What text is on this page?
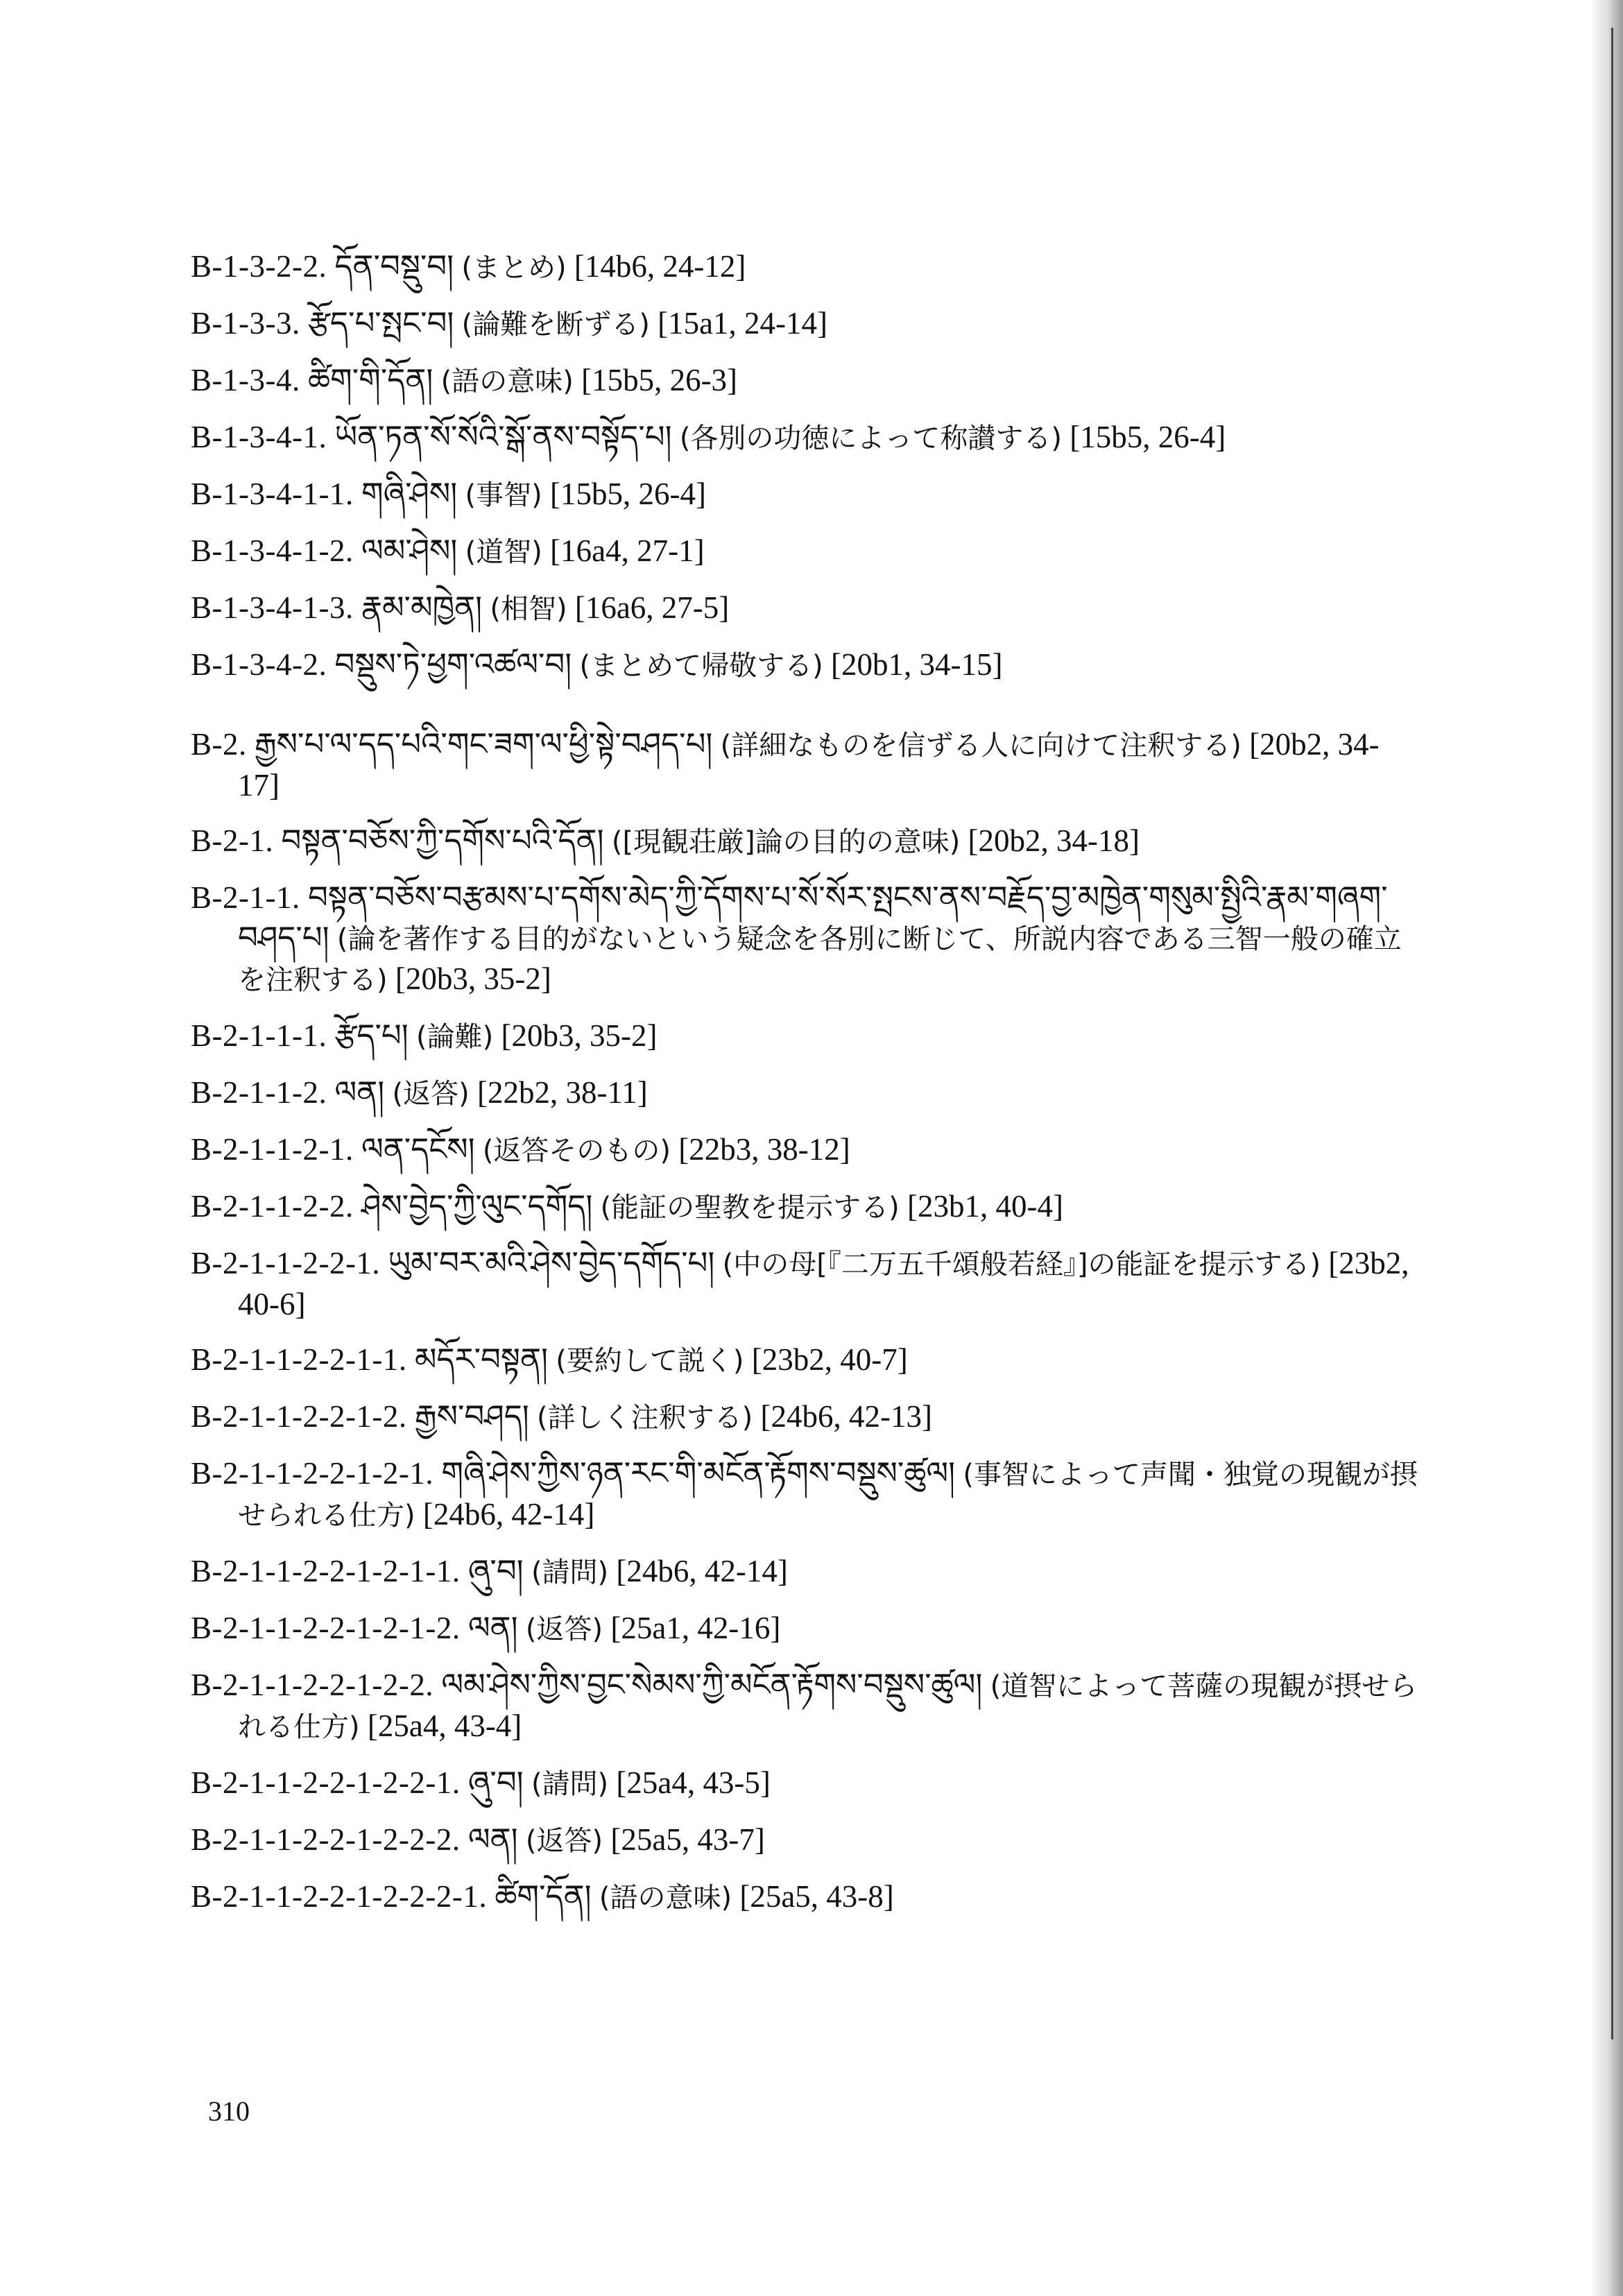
B-1-3-2-2. དོན་བསྡུ་བ། (まとめ) [14b6, 24-12]
B-1-3-3. རྩོད་པ་སྤང་བ། (論難を断ずる) [15a1, 24-14]
B-1-3-4. ཚིག་གི་དོན། (語の意味) [15b5, 26-3]
B-1-3-4-1. ཡོན་ཏན་སོ་སོའི་སྒོ་ནས་བསྟོད་པ། (各別の功徳によって称讃する) [15b5, 26-4]
B-1-3-4-1-1. གཞི་ཤེས། (事智) [15b5, 26-4]
B-1-3-4-1-2. ལམ་ཤེས། (道智) [16a4, 27-1]
B-1-3-4-1-3. རྣམ་མཁྱེན། (相智) [16a6, 27-5]
B-1-3-4-2. བསྡུས་ཏེ་ཕྱག་འཚལ་བ། (まとめて帰敬する) [20b1, 34-15]
B-2. རྒྱས་པ་ལ་དད་པའི་གང་ཟག་ལ་ཕྱི་སྟེ་བཤད་པ། (詳細なものを信ずる人に向けて注釈する) [20b2, 34-17]
B-2-1. བསྟན་བཅོས་ཀྱི་དགོས་པའི་དོན། ([現観荘厳]論の目的の意味) [20b2, 34-18]
B-2-1-1. བསྟན་བཅོས་བརྩམས་པ་དགོས་མེད་ཀྱི་དོགས་པ་སོ་སོར་སྤངས་ནས་བརྗོད་བྱ་མཁྱེན་གསུམ་སྤྱིའི་རྣམ་གཞག་བཤད་པ། (論を著作する目的がないという疑念を各別に断じて、所説内容である三智一般の確立を注釈する) [20b3, 35-2]
B-2-1-1-1. རྩོད་པ། (論難) [20b3, 35-2]
B-2-1-1-2. ལན། (返答) [22b2, 38-11]
B-2-1-1-2-1. ལན་དངོས། (返答そのもの) [22b3, 38-12]
B-2-1-1-2-2. ཤེས་བྱེད་ཀྱི་ལུང་དགོད། (能証の聖教を提示する) [23b1, 40-4]
B-2-1-1-2-2-1. ཡུམ་བར་མའི་ཤེས་བྱེད་དགོད་པ། (中の母[『二万五千頌般若経』]の能証を提示する) [23b2, 40-6]
B-2-1-1-2-2-1-1. མདོར་བསྟན། (要約して説く) [23b2, 40-7]
B-2-1-1-2-2-1-2. རྒྱས་བཤད། (詳しく注釈する) [24b6, 42-13]
B-2-1-1-2-2-1-2-1. གཞི་ཤེས་ཀྱིས་ཉན་རང་གི་མངོན་རྟོགས་བསྡུས་ཚུལ། (事智によって声聞・独覚の現観が摂せられる仕方) [24b6, 42-14]
B-2-1-1-2-2-1-2-1-1. ཞུ་བ། (請問) [24b6, 42-14]
B-2-1-1-2-2-1-2-1-2. ལན། (返答) [25a1, 42-16]
B-2-1-1-2-2-1-2-2. ལམ་ཤེས་ཀྱིས་བྱང་སེམས་ཀྱི་མངོན་རྟོགས་བསྡུས་ཚུལ། (道智によって菩薩の現観が摂せられる仕方) [25a4, 43-4]
B-2-1-1-2-2-1-2-2-1. ཞུ་བ། (請問) [25a4, 43-5]
B-2-1-1-2-2-1-2-2-2. ལན། (返答) [25a5, 43-7]
B-2-1-1-2-2-1-2-2-2-1. ཚིག་དོན། (語の意味) [25a5, 43-8]
310
